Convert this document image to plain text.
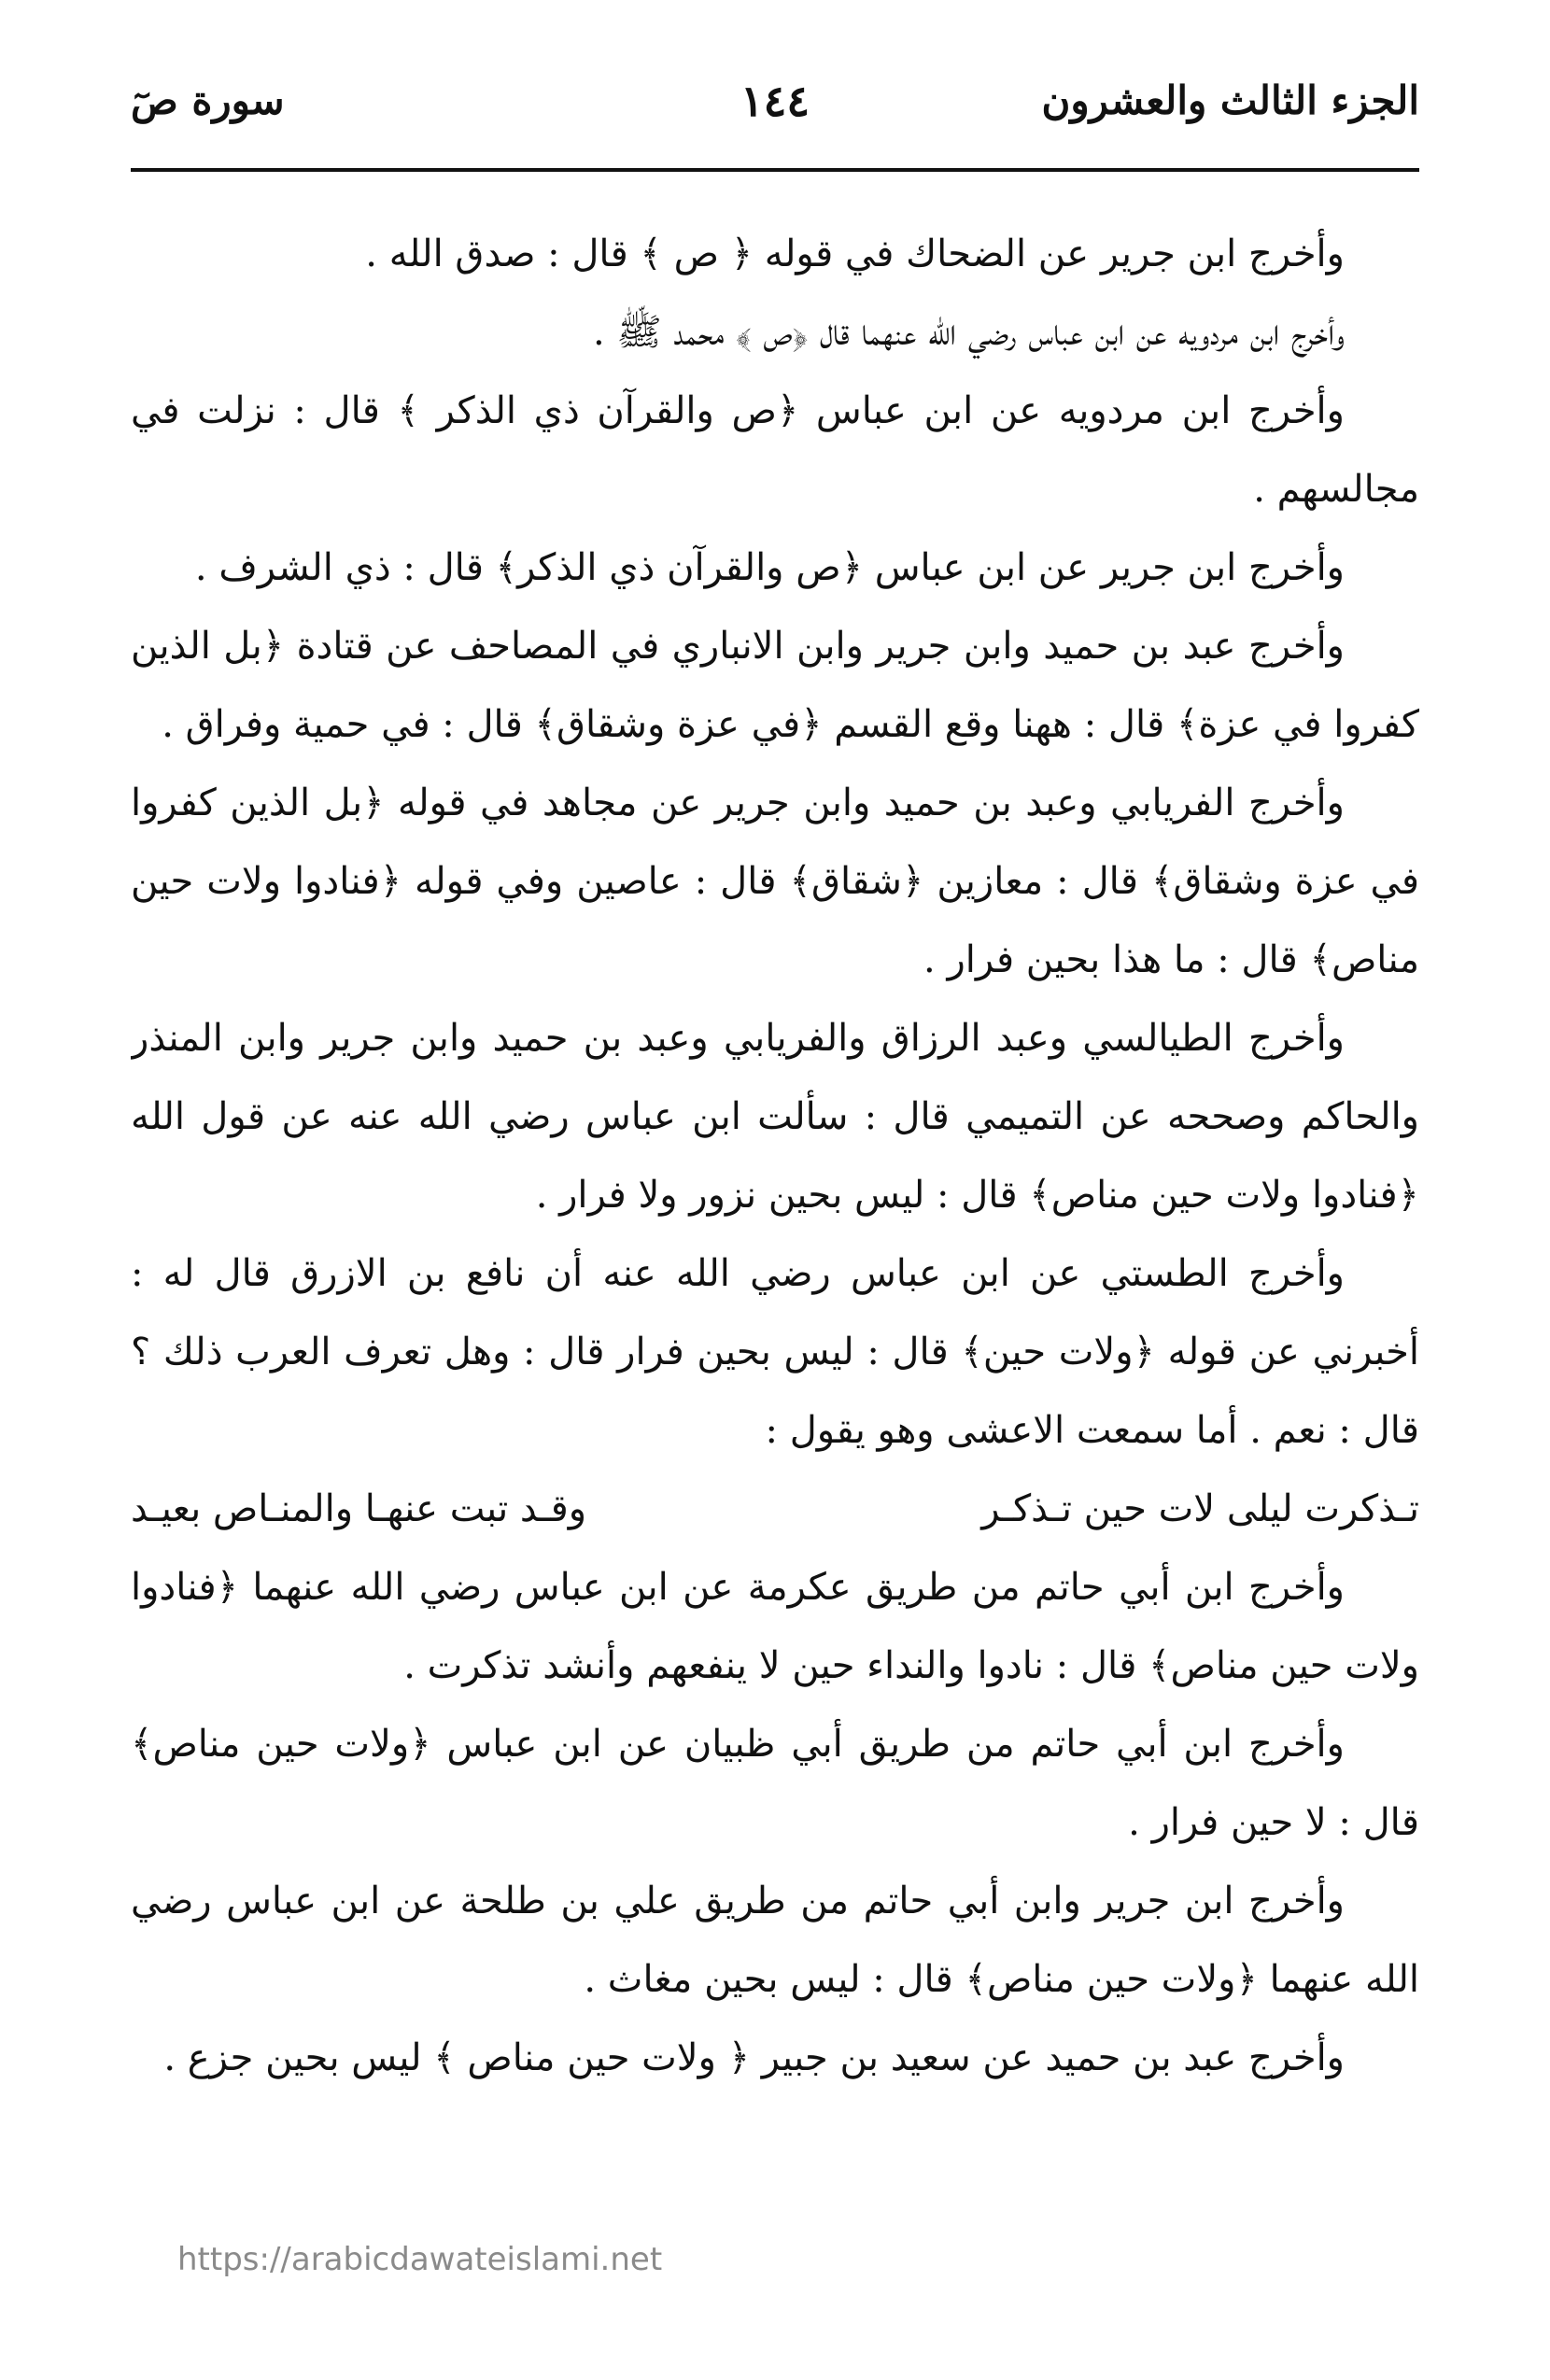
الجزء الثالث والعشرون
١٤٤
سورة صٓ

وأخرج ابن جرير عن الضحاك في قوله ﴿ ص ﴾ قال : صدق الله .

وأخرج ابن مردويه عن ابن عباس رضي الله عنهما قال ﴿ص ﴾ محمد ﷺ .

وأخرج ابن مردويه عن ابن عباس ﴿ص والقرآن ذي الذكر ﴾ قال : نزلت في مجالسهم .

وأخرج ابن جرير عن ابن عباس ﴿ص والقرآن ذي الذكر﴾ قال : ذي الشرف .

وأخرج عبد بن حميد وابن جرير وابن الانباري في المصاحف عن قتادة ﴿بل الذين كفروا في عزة﴾ قال : ههنا وقع القسم ﴿في عزة وشقاق﴾ قال : في حمية وفراق .

وأخرج الفريابي وعبد بن حميد وابن جرير عن مجاهد في قوله ﴿بل الذين كفروا في عزة وشقاق﴾ قال : معازين ﴿شقاق﴾ قال : عاصين وفي قوله ﴿فنادوا ولات حين مناص﴾ قال : ما هذا بحين فرار .

وأخرج الطيالسي وعبد الرزاق والفريابي وعبد بن حميد وابن جرير وابن المنذر والحاكم وصححه عن التميمي قال : سألت ابن عباس رضي الله عنه عن قول الله ﴿فنادوا ولات حين مناص﴾ قال : ليس بحين نزور ولا فرار .

وأخرج الطستي عن ابن عباس رضي الله عنه أن نافع بن الازرق قال له : أخبرني عن قوله ﴿ولات حين﴾ قال : ليس بحين فرار قال : وهل تعرف العرب ذلك ؟ قال : نعم . أما سمعت الاعشى وهو يقول :

تـذكرت ليلى لات حين تـذكـر
وقـد تبت عنهـا والمنـاص بعيـد

وأخرج ابن أبي حاتم من طريق عكرمة عن ابن عباس رضي الله عنهما ﴿فنادوا ولات حين مناص﴾ قال : نادوا والنداء حين لا ينفعهم وأنشد تذكرت .

وأخرج ابن أبي حاتم من طريق أبي ظبيان عن ابن عباس ﴿ولات حين مناص﴾ قال : لا حين فرار .

وأخرج ابن جرير وابن أبي حاتم من طريق علي بن طلحة عن ابن عباس رضي الله عنهما ﴿ولات حين مناص﴾ قال : ليس بحين مغاث .

وأخرج عبد بن حميد عن سعيد بن جبير ﴿ ولات حين مناص ﴾ ليس بحين جزع .

https://arabicdawateislami.net
